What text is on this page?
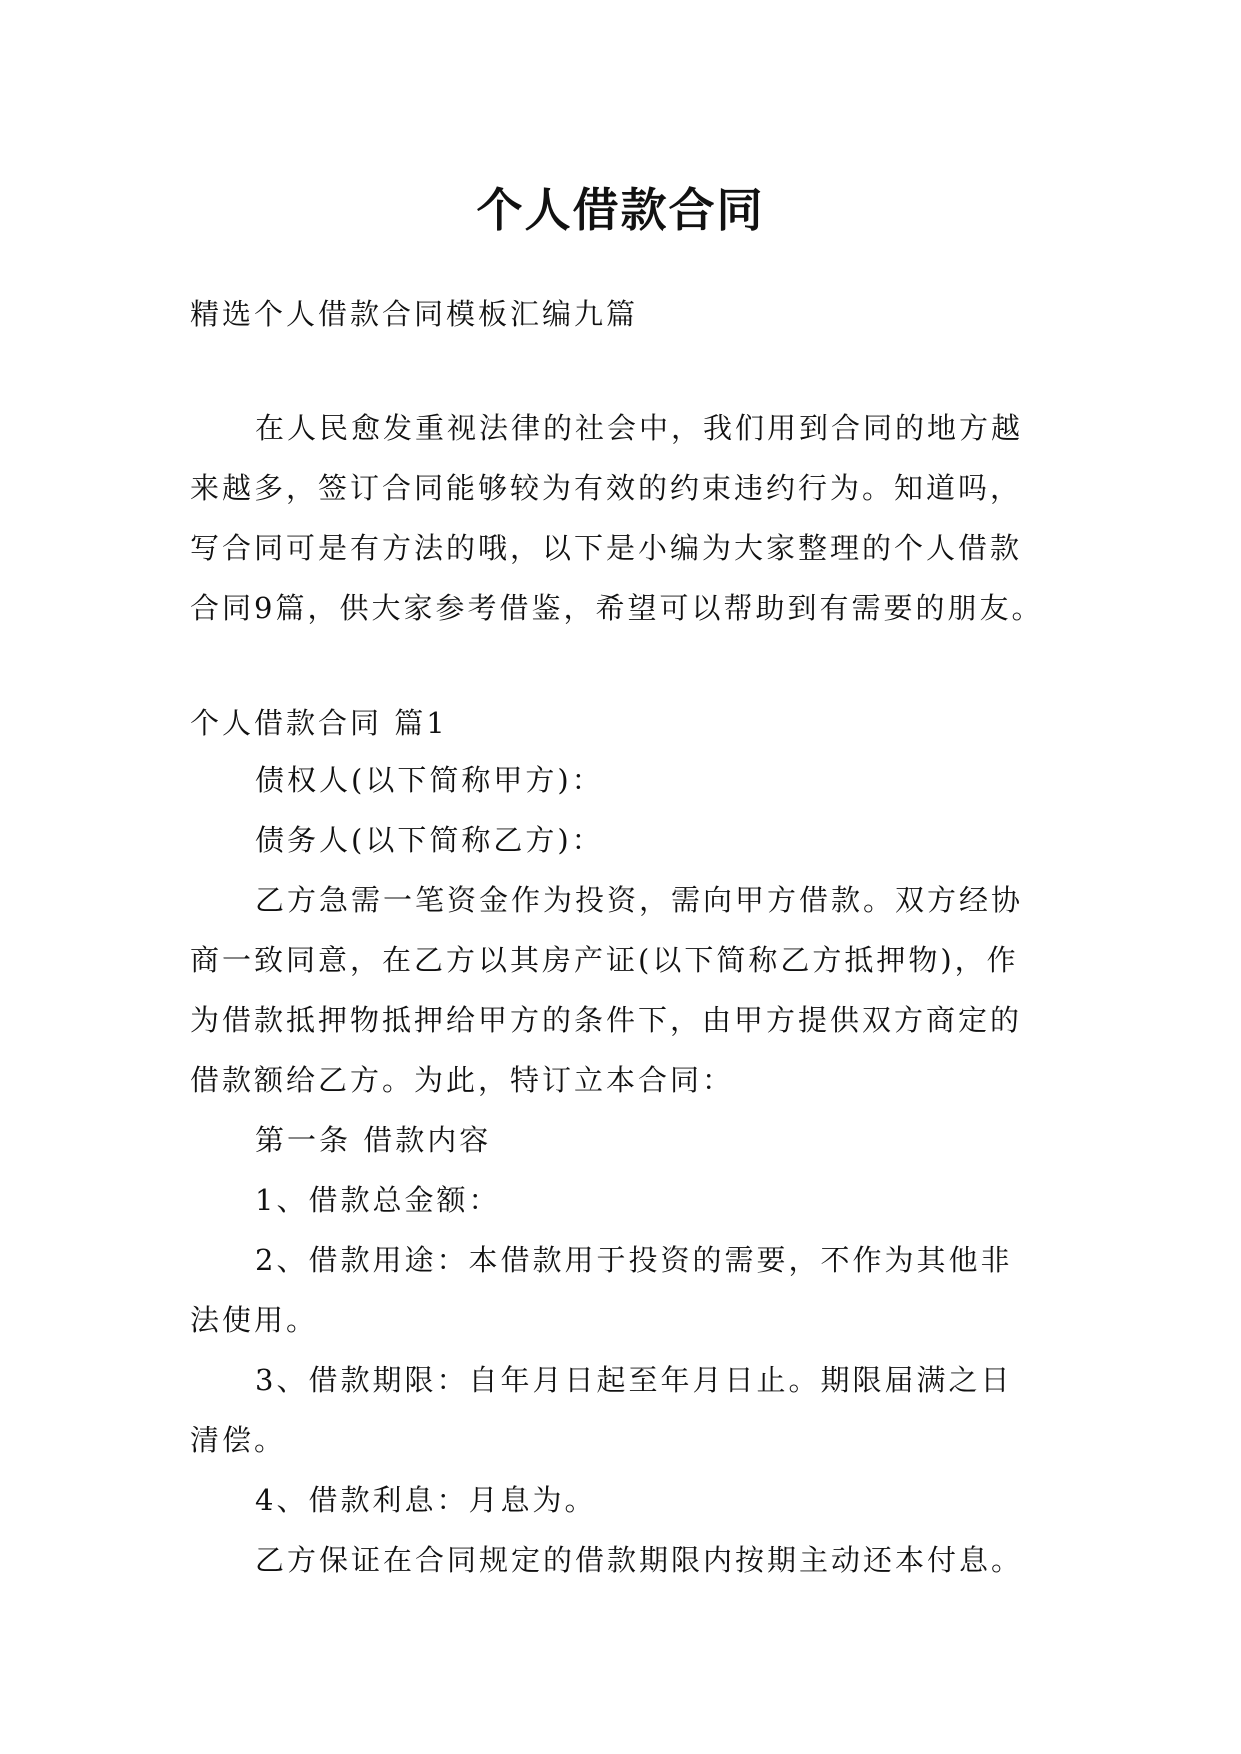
个人借款合同
精选个人借款合同模板汇编九篇
在人民愈发重视法律的社会中，我们用到合同的地方越
来越多，签订合同能够较为有效的约束违约行为。知道吗，
写合同可是有方法的哦，以下是小编为大家整理的个人借款
合同9篇，供大家参考借鉴，希望可以帮助到有需要的朋友。
个人借款合同 篇1
债权人(以下简称甲方)：
债务人(以下简称乙方)：
乙方急需一笔资金作为投资，需向甲方借款。双方经协
商一致同意，在乙方以其房产证(以下简称乙方抵押物)，作
为借款抵押物抵押给甲方的条件下，由甲方提供双方商定的
借款额给乙方。为此，特订立本合同：
第一条 借款内容
1、借款总金额：
2、借款用途：本借款用于投资的需要，不作为其他非
法使用。
3、借款期限：自年月日起至年月日止。期限届满之日
清偿。
4、借款利息：月息为。
乙方保证在合同规定的借款期限内按期主动还本付息。
